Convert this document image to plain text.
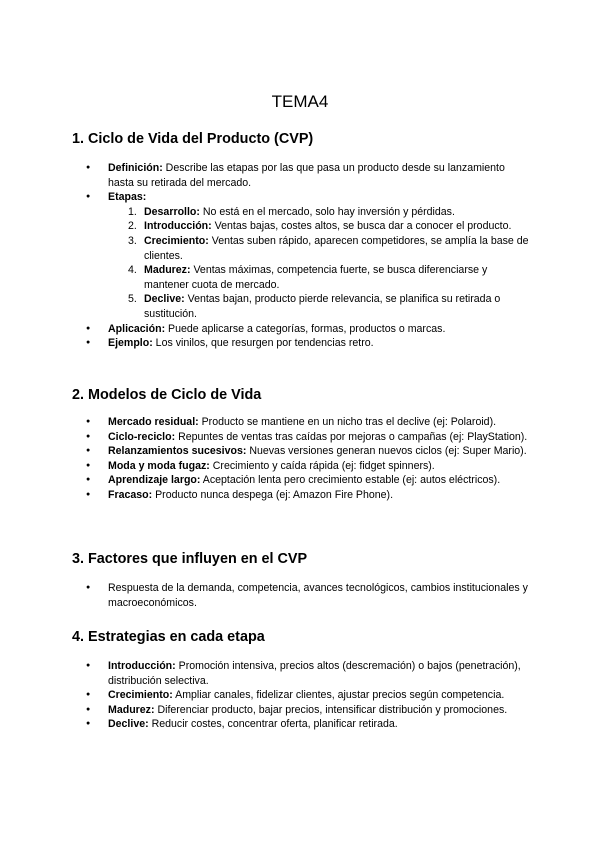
TEMA4
1. Ciclo de Vida del Producto (CVP)
● Definición: Describe las etapas por las que pasa un producto desde su lanzamiento hasta su retirada del mercado.
● Etapas:
1. Desarrollo: No está en el mercado, solo hay inversión y pérdidas.
2. Introducción: Ventas bajas, costes altos, se busca dar a conocer el producto.
3. Crecimiento: Ventas suben rápido, aparecen competidores, se amplía la base de clientes.
4. Madurez: Ventas máximas, competencia fuerte, se busca diferenciarse y mantener cuota de mercado.
5. Declive: Ventas bajan, producto pierde relevancia, se planifica su retirada o sustitución.
● Aplicación: Puede aplicarse a categorías, formas, productos o marcas.
● Ejemplo: Los vinilos, que resurgen por tendencias retro.
2. Modelos de Ciclo de Vida
● Mercado residual: Producto se mantiene en un nicho tras el declive (ej: Polaroid).
● Ciclo-reciclo: Repuntes de ventas tras caídas por mejoras o campañas (ej: PlayStation).
● Relanzamientos sucesivos: Nuevas versiones generan nuevos ciclos (ej: Super Mario).
● Moda y moda fugaz: Crecimiento y caída rápida (ej: fidget spinners).
● Aprendizaje largo: Aceptación lenta pero crecimiento estable (ej: autos eléctricos).
● Fracaso: Producto nunca despega (ej: Amazon Fire Phone).
3. Factores que influyen en el CVP
● Respuesta de la demanda, competencia, avances tecnológicos, cambios institucionales y macroeconómicos.
4. Estrategias en cada etapa
● Introducción: Promoción intensiva, precios altos (descremación) o bajos (penetración), distribución selectiva.
● Crecimiento: Ampliar canales, fidelizar clientes, ajustar precios según competencia.
● Madurez: Diferenciar producto, bajar precios, intensificar distribución y promociones.
● Declive: Reducir costes, concentrar oferta, planificar retirada.
